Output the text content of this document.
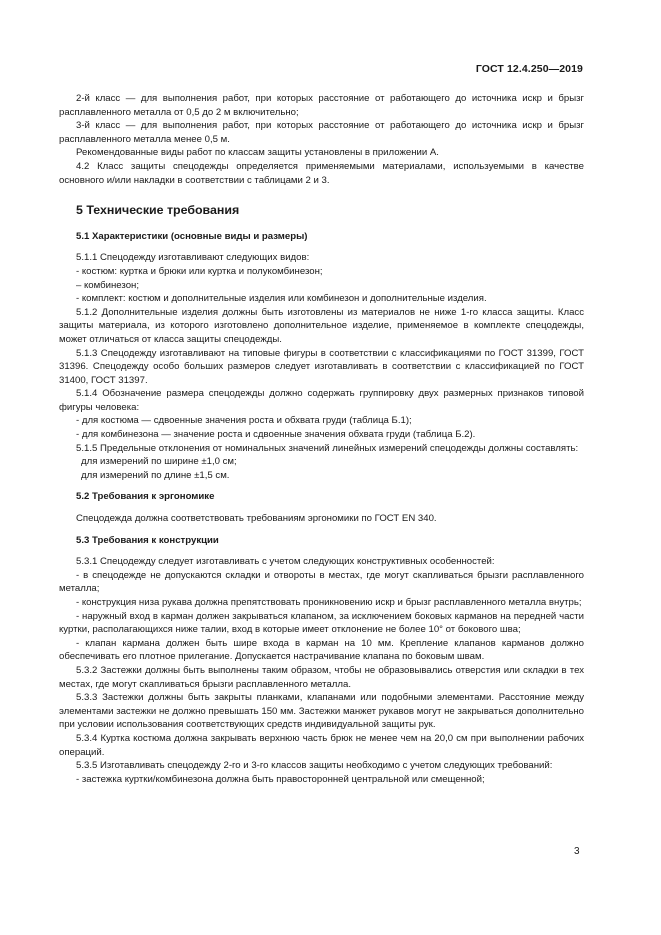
ГОСТ 12.4.250—2019

2-й класс — для выполнения работ, при которых расстояние от работающего до источника искр и брызг расплавленного металла от 0,5 до 2 м включительно;

3-й класс — для выполнения работ, при которых расстояние от работающего до источника искр и брызг расплавленного металла менее 0,5 м.

Рекомендованные виды работ по классам защиты установлены в приложении А.

4.2 Класс защиты спецодежды определяется применяемыми материалами, используемыми в качестве основного и/или накладки в соответствии с таблицами 2 и 3.

5 Технические требования

5.1 Характеристики (основные виды и размеры)

5.1.1 Спецодежду изготавливают следующих видов:

- костюм: куртка и брюки или куртка и полукомбинезон;

– комбинезон;

- комплект: костюм и дополнительные изделия или комбинезон и дополнительные изделия.

5.1.2 Дополнительные изделия должны быть изготовлены из материалов не ниже 1-го класса защиты. Класс защиты материала, из которого изготовлено дополнительное изделие, применяемое в комплекте спецодежды, может отличаться от класса защиты спецодежды.

5.1.3 Спецодежду изготавливают на типовые фигуры в соответствии с классификациями по ГОСТ 31399, ГОСТ 31396. Спецодежду особо больших размеров следует изготавливать в соответствии с классификацией по ГОСТ 31400, ГОСТ 31397.

5.1.4 Обозначение размера спецодежды должно содержать группировку двух размерных признаков типовой фигуры человека:

- для костюма — сдвоенные значения роста и обхвата груди (таблица Б.1);

- для комбинезона — значение роста и сдвоенные значения обхвата груди (таблица Б.2).

5.1.5 Предельные отклонения от номинальных значений линейных измерений спецодежды должны составлять:

для измерений по ширине ±1,0 см;

для измерений по длине ±1,5 см.

5.2 Требования к эргономике

Спецодежда должна соответствовать требованиям эргономики по ГОСТ EN 340.

5.3 Требования к конструкции

5.3.1 Спецодежду следует изготавливать с учетом следующих конструктивных особенностей:

- в спецодежде не допускаются складки и отвороты в местах, где могут скапливаться брызги расплавленного металла;

- конструкция низа рукава должна препятствовать проникновению искр и брызг расплавленного металла внутрь;

- наружный вход в карман должен закрываться клапаном, за исключением боковых карманов на передней части куртки, располагающихся ниже талии, вход в которые имеет отклонение не более 10° от бокового шва;

- клапан кармана должен быть шире входа в карман на 10 мм. Крепление клапанов карманов должно обеспечивать его плотное прилегание. Допускается настрачивание клапана по боковым швам.

5.3.2 Застежки должны быть выполнены таким образом, чтобы не образовывались отверстия или складки в тех местах, где могут скапливаться брызги расплавленного металла.

5.3.3 Застежки должны быть закрыты планками, клапанами или подобными элементами. Расстояние между элементами застежки не должно превышать 150 мм. Застежки манжет рукавов могут не закрываться дополнительно при условии использования соответствующих средств индивидуальной защиты рук.

5.3.4 Куртка костюма должна закрывать верхнюю часть брюк не менее чем на 20,0 см при выполнении рабочих операций.

5.3.5 Изготавливать спецодежду 2-го и 3-го классов защиты необходимо с учетом следующих требований:

- застежка куртки/комбинезона должна быть правосторонней центральной или смещенной;

3
